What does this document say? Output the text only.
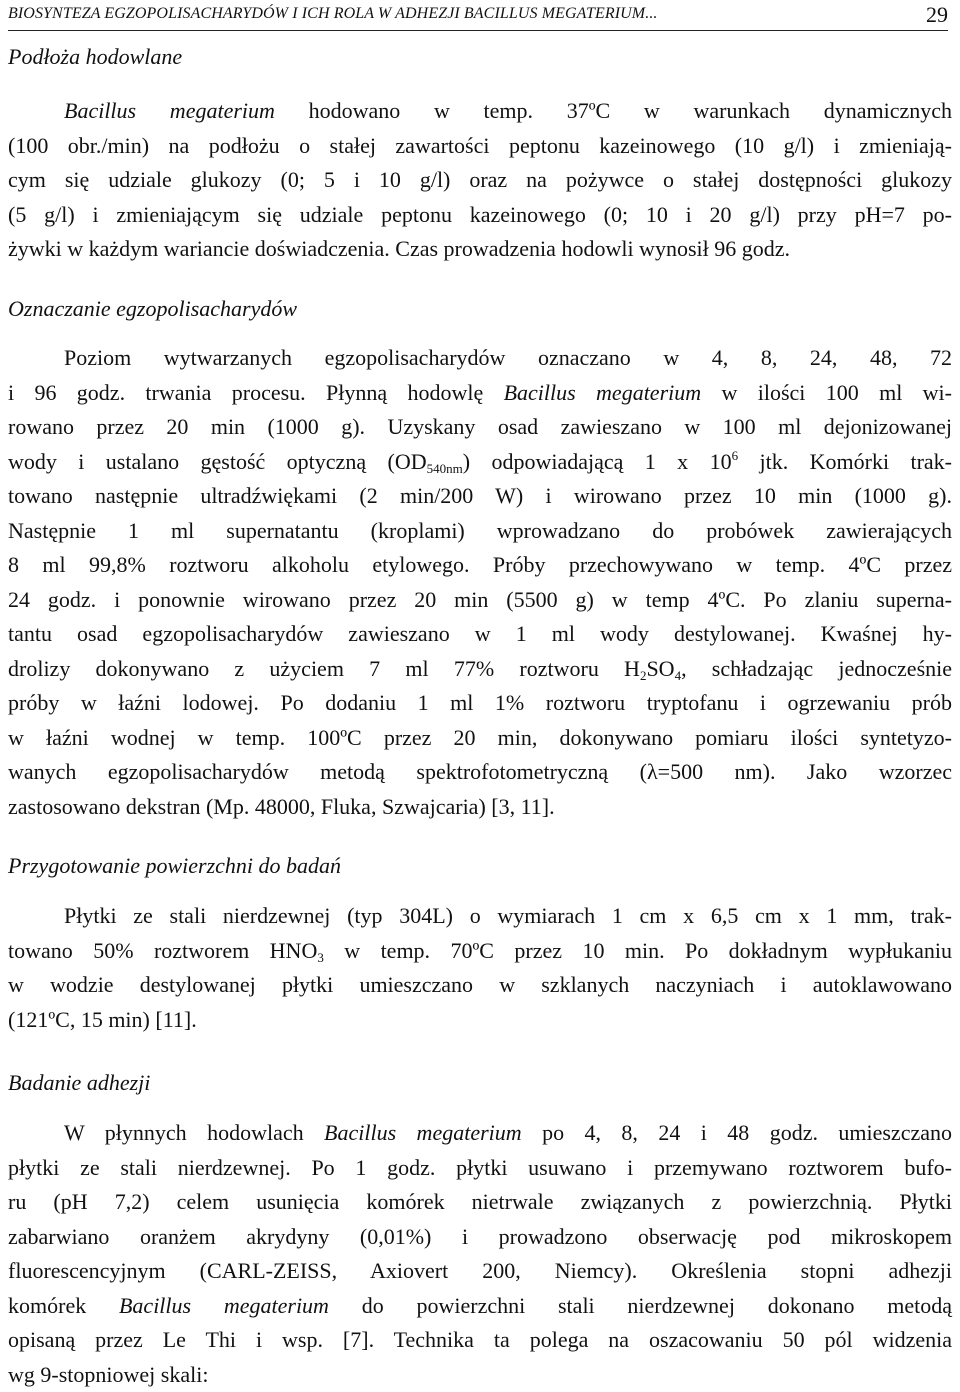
BIOSYNTEZA EGZOPOLISACHARYDÓW I ICH ROLA W ADHEZJI BACILLUS MEGATERIUM...	29
Podłoża hodowlane
Bacillus megaterium hodowano w temp. 37ºC w warunkach dynamicznych
(100 obr./min) na podłożu o stałej zawartości peptonu kazeinowego (10 g/l) i zmieniają-
cym się udziale glukozy (0; 5 i 10 g/l) oraz na pożywce o stałej dostępności glukozy
(5 g/l) i zmieniającym się udziale peptonu kazeinowego (0; 10 i 20 g/l) przy pH=7 po-
żywki w każdym wariancie doświadczenia. Czas prowadzenia hodowli wynosił 96 godz.
Oznaczanie egzopolisacharydów
Poziom wytwarzanych egzopolisacharydów oznaczano w 4, 8, 24, 48, 72
i 96 godz. trwania procesu. Płynną hodowlę Bacillus megaterium w ilości 100 ml wi-
rowano przez 20 min (1000 g). Uzyskany osad zawieszano w 100 ml dejonizowanej
wody i ustalano gęstość optyczną $(OD_{540nm})$ odpowiadającą 1 x $10^6$ jtk. Komórki trak-
towano następnie ultradźwiękami (2 min/200 W) i wirowano przez 10 min (1000 g).
Następnie 1 ml supernatantu (kroplami) wprowadzano do probówek zawierających
8 ml 99,8% roztworu alkoholu etylowego. Próby przechowywano w temp. 4ºC przez
24 godz. i ponownie wirowano przez 20 min (5500 g) w temp 4ºC. Po zlaniu superna-
tantu osad egzopolisacharydów zawieszano w 1 ml wody destylowanej. Kwaśnej hy-
drolizy dokonywano z użyciem 7 ml 77% roztworu $H_2SO_4$, schładzając jednocześnie
próby w łaźni lodowej. Po dodaniu 1 ml 1% roztworu tryptofanu i ogrzewaniu prób
w łaźni wodnej w temp. 100ºC przez 20 min, dokonywano pomiaru ilości syntetyzo-
wanych egzopolisacharydów metodą spektrofotometryczną (λ=500 nm). Jako wzorzec
zastosowano dekstran (Mp. 48000, Fluka, Szwajcaria) [3, 11].
Przygotowanie powierzchni do badań
Płytki ze stali nierdzewnej (typ 304L) o wymiarach 1 cm x 6,5 cm x 1 mm, trak-
towano 50% roztworem $HNO_3$ w temp. 70ºC przez 10 min. Po dokładnym wypłukaniu
w wodzie destylowanej płytki umieszczano w szklanych naczyniach i autoklawowano
(121ºC, 15 min) [11].
Badanie adhezji
W płynnych hodowlach Bacillus megaterium po 4, 8, 24 i 48 godz. umieszczano
płytki ze stali nierdzewnej. Po 1 godz. płytki usuwano i przemywano roztworem bufo-
ru (pH 7,2) celem usunięcia komórek nietrwale związanych z powierzchnią. Płytki
zabarwiano oranżem akrydyny (0,01%) i prowadzono obserwację pod mikroskopem
fluorescencyjnym (CARL-ZEISS, Axiovert 200, Niemcy). Określenia stopni adhezji
komórek Bacillus megaterium do powierzchni stali nierdzewnej dokonano metodą
opisaną przez Le Thi i wsp. [7]. Technika ta polega na oszacowaniu 50 pól widzenia
wg 9-stopniowej skali:
